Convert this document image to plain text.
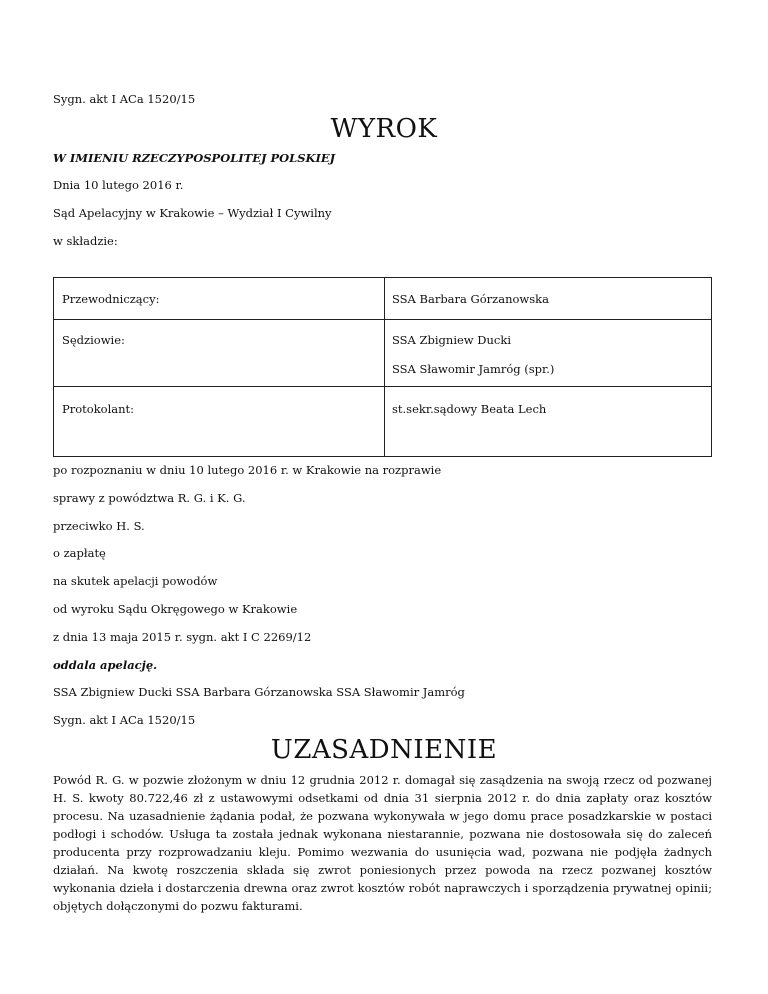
Sygn. akt I ACa 1520/15
WYROK
W IMIENIU RZECZYPOSPOLITEJ POLSKIEJ
Dnia 10 lutego 2016 r.
Sąd Apelacyjny w Krakowie – Wydział I Cywilny
w składzie:
Przewodniczący:	SSA Barbara Górzanowska
Sędziowie:	SSA Zbigniew Ducki
SSA Sławomir Jamróg (spr.)
Protokolant:	st.sekr.sądowy Beata Lech
po rozpoznaniu w dniu 10 lutego 2016 r. w Krakowie na rozprawie
sprawy z powództwa R. G. i K. G.
przeciwko H. S.
o zapłatę
na skutek apelacji powodów
od wyroku Sądu Okręgowego w Krakowie
z dnia 13 maja 2015 r. sygn. akt I C 2269/12
oddala apelację.
SSA Zbigniew Ducki SSA Barbara Górzanowska SSA Sławomir Jamróg
Sygn. akt I ACa 1520/15
UZASADNIENIE
Powód R. G. w pozwie złożonym w dniu 12 grudnia 2012 r. domagał się zasądzenia na swoją rzecz od pozwanej H. S. kwoty 80.722,46 zł z ustawowymi odsetkami od dnia 31 sierpnia 2012 r. do dnia zapłaty oraz kosztów procesu. Na uzasadnienie żądania podał, że pozwana wykonywała w jego domu prace posadzkarskie w postaci podłogi i schodów. Usługa ta została jednak wykonana niestarannie, pozwana nie dostosowała się do zaleceń producenta przy rozprowadzaniu kleju. Pomimo wezwania do usunięcia wad, pozwana nie podjęła żadnych działań. Na kwotę roszczenia składa się zwrot poniesionych przez powoda na rzecz pozwanej kosztów wykonania dzieła i dostarczenia drewna oraz zwrot kosztów robót naprawczych i sporządzenia prywatnej opinii; objętych dołączonymi do pozwu fakturami.
